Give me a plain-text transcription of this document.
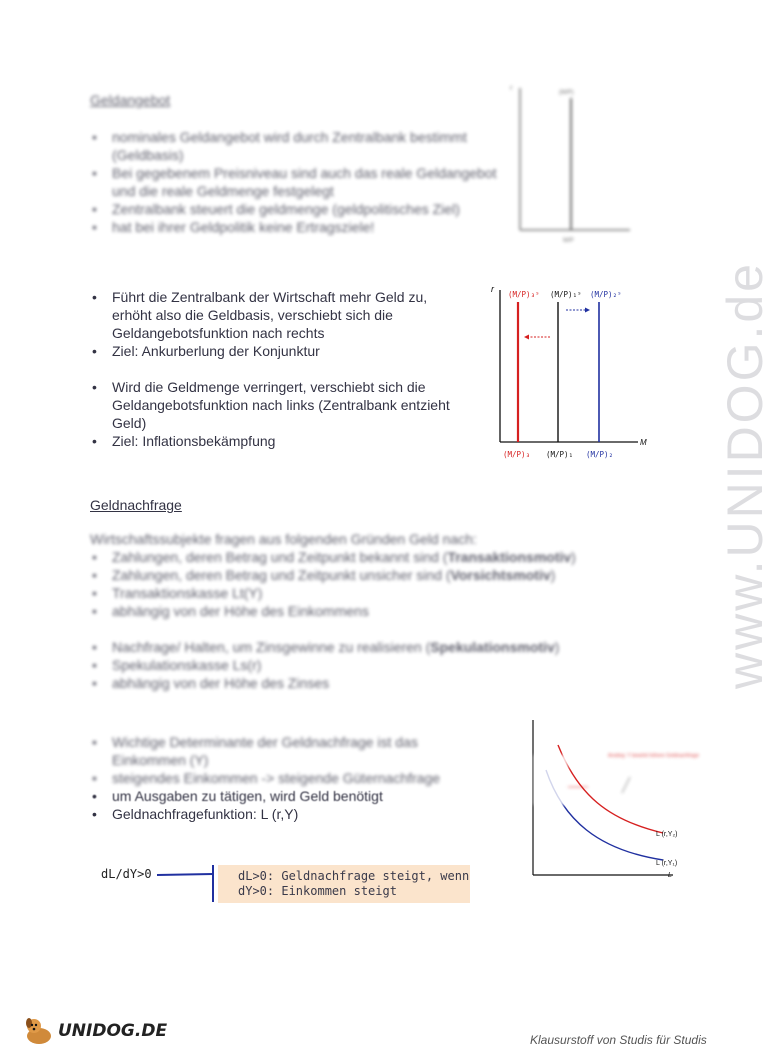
www.UNIDOG.de
Geldangebot
• nominales Geldangebot wird durch Zentralbank bestimmt (Geldbasis)
• Bei gegebenem Preisniveau sind auch das reale Geldangebot und die reale Geldmenge festgelegt
• Zentralbank steuert die geldmenge (geldpolitisches Ziel)
• hat bei ihrer Geldpolitik keine Ertragsziele!
r
(M/P)
M/P
• Führt die Zentralbank der Wirtschaft mehr Geld zu, erhöht also die Geldbasis, verschiebt sich die Geldangebotsfunktion nach rechts
• Ziel: Ankurberlung der Konjunktur
• Wird die Geldmenge verringert, verschiebt sich die Geldangebotsfunktion nach links (Zentralbank entzieht Geld)
• Ziel: Inflationsbekämpfung
r
M
(M/P)₃ˢ (M/P)₁ˢ (M/P)₂ˢ
(M/P)₃ (M/P)₁ (M/P)₂
Geldnachfrage
Wirtschaftssubjekte fragen aus folgenden Gründen Geld nach:
• Zahlungen, deren Betrag und Zeitpunkt bekannt sind (Transaktionsmotiv)
• Zahlungen, deren Betrag und Zeitpunkt unsicher sind (Vorsichtsmotiv)
• Transaktionskasse Lt(Y)
• abhängig von der Höhe des Einkommens
• Nachfrage/ Halten, um Zinsgewinne zu realisieren (Spekulationsmotiv)
• Spekulationskasse Ls(r)
• abhängig von der Höhe des Zinses
• Wichtige Determinante der Geldnachfrage ist das Einkommen (Y)
• steigendes Einkommen -> steigende Güternachfrage
• um Ausgaben zu tätigen, wird Geld benötigt
• Geldnachfragefunktion: L (r,Y)
L (r,Y₂)
L (r,Y₁)
L
Anstieg: Y bewirkt höhere Geldnachfrage
dL/dY>0	dL>0: Geldnachfrage steigt, wenn
dY>0: Einkommen steigt
UNIDOG.DE	Klausurstoff von Studis für Studis
